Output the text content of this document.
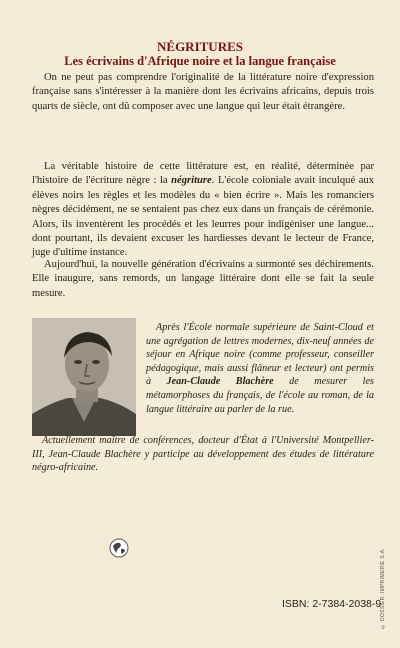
NÉGRITURES
Les écrivains d'Afrique noire et la langue française

On ne peut pas comprendre l'originalité de la littérature noire d'expression française sans s'intéresser à la manière dont les écrivains africains, depuis trois quarts de siècle, ont dû composer avec une langue qui leur était étrangère.

La véritable histoire de cette littérature est, en réalité, déterminée par l'histoire de l'écriture nègre : la négriture. L'école coloniale avait inculqué aux élèves noirs les règles et les modèles du « bien écrire ». Mais les romanciers nègres décidément, ne se sentaient pas chez eux dans un français de cérémonie. Alors, ils inventèrent les procédés et les leurres pour indigéniser une langue... dont pourtant, ils devaient excuser les hardiesses devant le lecteur de France, juge d'ultime instance.

Aujourd'hui, la nouvelle génération d'écrivains a surmonté ses déchirements. Elle inaugure, sans remords, un langage littéraire dont elle se fait la seule mesure.

Après l'École normale supérieure de Saint-Cloud et une agrégation de lettres modernes, dix-neuf années de séjour en Afrique noire (comme professeur, conseiller pédagogique, mais aussi flâneur et lecteur) ont permis à Jean-Claude Blachère de mesurer les métamorphoses du français, de l'école au roman, de la langue littéraire au parler de la rue.

Actuellement maître de conférences, docteur d'État à l'Université Montpellier-III, Jean-Claude Blachère y participe au développement des études de littérature négro-africaine.

ISBN: 2-7384-2038-9
© DOSSIER. IMPRIMERIE S.A.
